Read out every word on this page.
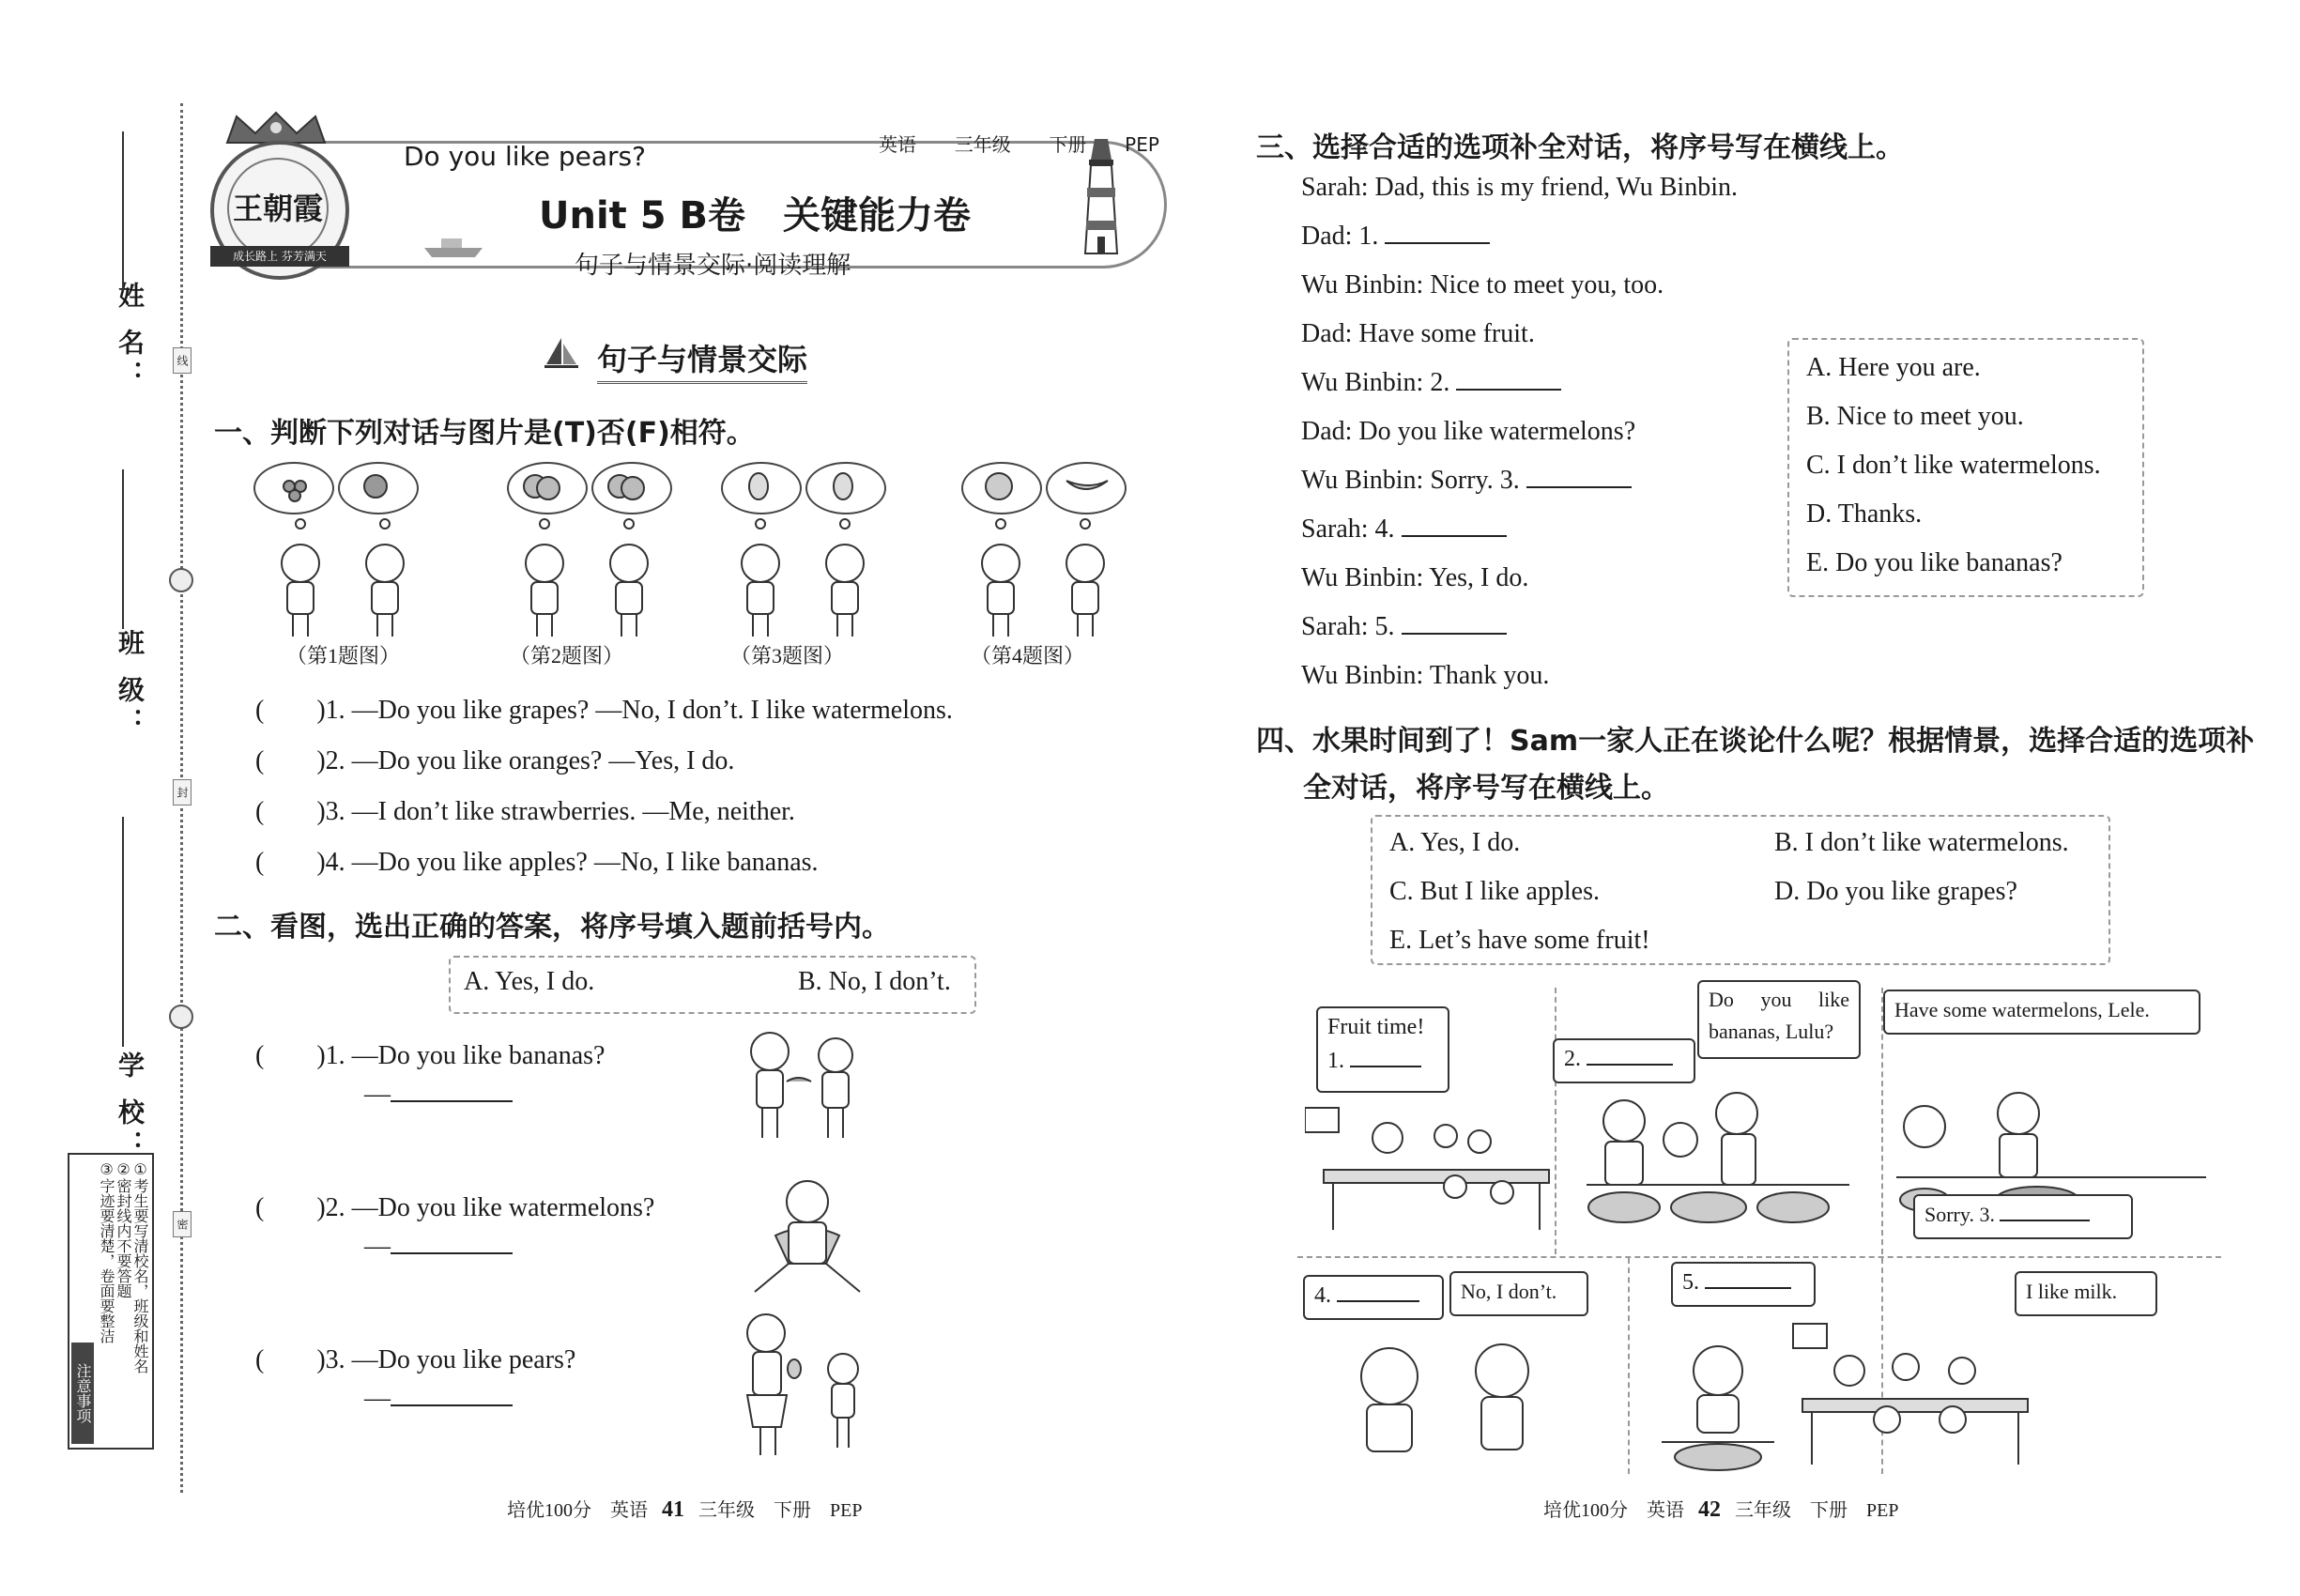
姓 名：
班 级：
学 校：
线
封
密
注意事项
①考生要写清校名，班级和姓名
②密封线内不要答题
③字迹要清楚，卷面要整洁
王朝霞
成长路上 芬芳满天
英语 三年级 下册 PEP
Do you like pears?
Unit 5 B卷　关键能力卷
句子与情景交际·阅读理解
句子与情景交际
一、判断下列对话与图片是(T)否(F)相符。
（第1题图）	（第2题图）	（第3题图）	（第4题图）
(　　)1. —Do you like grapes? —No, I don’t. I like watermelons.
(　　)2. —Do you like oranges? —Yes, I do.
(　　)3. —I don’t like strawberries. —Me, neither.
(　　)4. —Do you like apples? —No, I like bananas.
二、看图，选出正确的答案，将序号填入题前括号内。
A. Yes, I do.	B. No, I don’t.
(　　)1. —Do you like bananas?
—
(　　)2. —Do you like watermelons?
—
(　　)3. —Do you like pears?
—
三、选择合适的选项补全对话，将序号写在横线上。
Sarah: Dad, this is my friend, Wu Binbin.
Dad: 1.
Wu Binbin: Nice to meet you, too.
Dad: Have some fruit.
Wu Binbin: 2.
Dad: Do you like watermelons?
Wu Binbin: Sorry. 3.
Sarah: 4.
Wu Binbin: Yes, I do.
Sarah: 5.
Wu Binbin: Thank you.
A. Here you are.
B. Nice to meet you.
C. I don’t like watermelons.
D. Thanks.
E. Do you like bananas?
四、水果时间到了！Sam一家人正在谈论什么呢？根据情景，选择合适的选项补
全对话，将序号写在横线上。
A. Yes, I do.	B. I don’t like watermelons.
C. But I like apples.	D. Do you like grapes?
E. Let’s have some fruit!
Fruit time!
1.	2.
Do you like bananas, Lulu?
Have some watermelons, Lele.
Sorry. 3.
4.	No, I don’t.	5.	I like milk.
培优100分　英语 41 三年级　下册　PEP	培优100分　英语 42 三年级　下册　PEP
